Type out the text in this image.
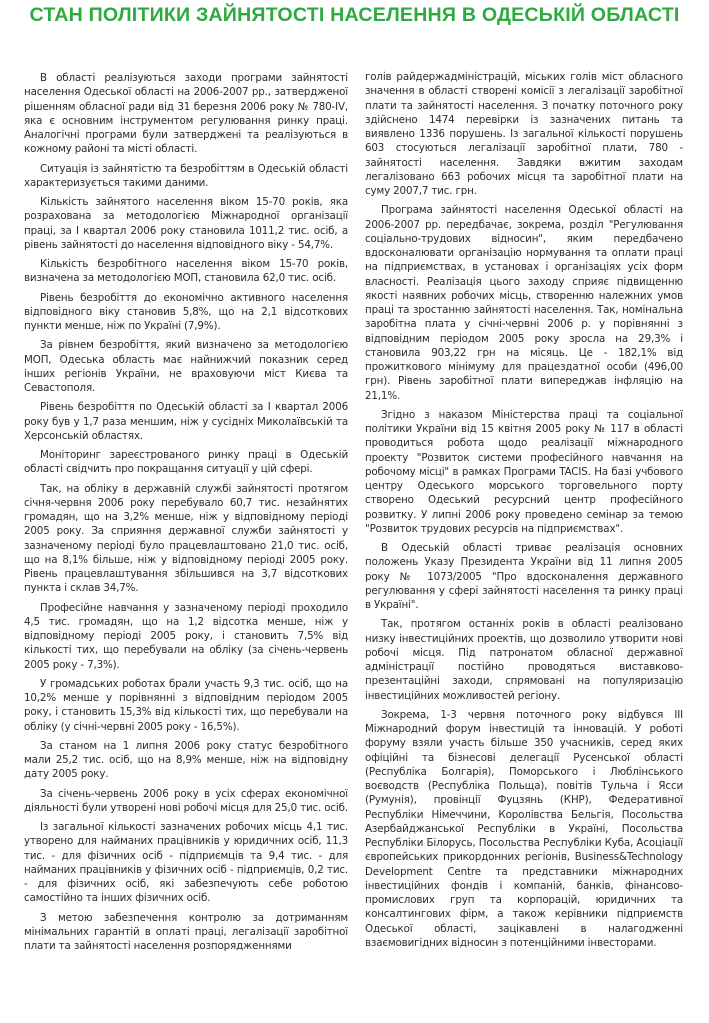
СТАН ПОЛІТИКИ ЗАЙНЯТОСТІ НАСЕЛЕННЯ В ОДЕСЬКІЙ ОБЛАСТІ

В області реалізуються заходи програми зайнятості населення Одеської області на 2006-2007 рр., затвердженої рішенням обласної ради від 31 березня 2006 року № 780-IV, яка є основним інструментом регулювання ринку праці. Аналогічні програми були затверджені та реалізуються в кожному районі та місті області.

Ситуація із зайнятістю та безробіттям в Одеській області характеризується такими даними.

Кількість зайнятого населення віком 15-70 років, яка розрахована за методологією Міжнародної організації праці, за І квартал 2006 року становила 1011,2 тис. осіб, а рівень зайнятості до населення відповідного віку - 54,7%.

Кількість безробітного населення віком 15-70 років, визначена за методологією МОП, становила 62,0 тис. осіб.

Рівень безробіття до економічно активного населення відповідного віку становив 5,8%, що на 2,1 відсоткових пункти менше, ніж по Україні (7,9%).

За рівнем безробіття, який визначено за методологією МОП, Одеська область має найнижчий показник серед інших регіонів України, не враховуючи міст Києва та Севастополя.

Рівень безробіття по Одеській області за І квартал 2006 року був у 1,7 раза меншим, ніж у сусідніх Миколаївській та Херсонській областях.

Моніторинг зареєстрованого ринку праці в Одеській області свідчить про покращання ситуації у цій сфері.

Так, на обліку в державній службі зайнятості протягом січня-червня 2006 року перебувало 60,7 тис. незайнятих громадян, що на 3,2% менше, ніж у відповідному періоді 2005 року. За сприяння державної служби зайнятості у зазначеному періоді було працевлаштовано 21,0 тис. осіб, що на 8,1% більше, ніж у відповідному періоді 2005 року. Рівень працевлаштування збільшився на 3,7 відсоткових пункта і склав 34,7%.

Професійне навчання у зазначеному періоді проходило 4,5 тис. громадян, що на 1,2 відсотка менше, ніж у відповідному періоді 2005 року, і становить 7,5% від кількості тих, що перебували на обліку (за січень-червень 2005 року - 7,3%).

У громадських роботах брали участь 9,3 тис. осіб, що на 10,2% менше у порівнянні з відповідним періодом 2005 року, і становить 15,3% від кількості тих, що перебували на обліку (у січні-червні 2005 року - 16,5%).

За станом на 1 липня 2006 року статус безробітного мали 25,2 тис. осіб, що на 8,9% менше, ніж на відповідну дату 2005 року.

За січень-червень 2006 року в усіх сферах економічної діяльності були утворені нові робочі місця для 25,0 тис. осіб.

Із загальної кількості зазначених робочих місць 4,1 тис. утворено для найманих працівників у юридичних осіб, 11,3 тис. - для фізичних осіб - підприємців та 9,4 тис. - для найманих працівників у фізичних осіб - підприємців, 0,2 тис. - для фізичних осіб, які забезпечують себе роботою самостійно та інших фізичних осіб.

З метою забезпечення контролю за дотриманням мінімальних гарантій в оплаті праці, легалізації заробітної плати та зайнятості населення розпорядженнями

голів райдержадміністрацій, міських голів міст обласного значення в області створені комісії з легалізації заробітної плати та зайнятості населення. З початку поточного року здійснено 1474 перевірки із зазначених питань та виявлено 1336 порушень. Із загальної кількості порушень 603 стосуються легалізації заробітної плати, 780 - зайнятості населення. Завдяки вжитим заходам легалізовано 663 робочих місця та заробітної плати на суму 2007,7 тис. грн.

Програма зайнятості населення Одеської області на 2006-2007 рр. передбачає, зокрема, розділ "Регулювання соціально-трудових відносин", яким передбачено вдосконалювати організацію нормування та оплати праці на підприємствах, в установах і організаціях усіх форм власності. Реалізація цього заходу сприяє підвищенню якості наявних робочих місць, створенню належних умов праці та зростанню зайнятості населення. Так, номінальна заробітна плата у січні-червні 2006 р. у порівнянні з відповідним періодом 2005 року зросла на 29,3% і становила 903,22 грн на місяць. Це - 182,1% від прожиткового мінімуму для працездатної особи (496,00 грн). Рівень заробітної плати випереджав інфляцію на 21,1%.

Згідно з наказом Міністерства праці та соціальної політики України від 15 квітня 2005 року № 117 в області проводиться робота щодо реалізації міжнародного проекту "Розвиток системи професійного навчання на робочому місці" в рамках Програми TACIS. На базі учбового центру Одеського морського торговельного порту створено Одеський ресурсний центр професійного розвитку. У липні 2006 року проведено семінар за темою "Розвиток трудових ресурсів на підприємствах".

В Одеській області триває реалізація основних положень Указу Президента України від 11 липня 2005 року № 1073/2005 "Про вдосконалення державного регулювання у сфері зайнятості населення та ринку праці в Україні".

Так, протягом останніх років в області реалізовано низку інвестиційних проектів, що дозволило утворити нові робочі місця. Під патронатом обласної державної адміністрації постійно проводяться виставково-презентаційні заходи, спрямовані на популяризацію інвестиційних можливостей регіону.

Зокрема, 1-3 червня поточного року відбувся III Міжнародний форум інвестицій та інновацій. У роботі форуму взяли участь більше 350 учасників, серед яких офіційні та бізнесові делегації Русенської області (Республіка Болгарія), Поморського і Люблінського воєводств (Республіка Польща), повітів Тульча і Ясси (Румунія), провінції Фуцзянь (КНР), Федеративної Республіки Німеччини, Королівства Бельгія, Посольства Азербайджанської Республіки в Україні, Посольства Республіки Білорусь, Посольства Республіки Куба, Асоціації європейських прикордонних регіонів, Business&Technology Development Centre та представники міжнародних інвестиційних фондів і компаній, банків, фінансово-промислових груп та корпорацій, юридичних та консалтингових фірм, а також керівники підприємств Одеської області, зацікавлені в налагодженні взаємовигідних відносин з потенційними інвесторами.
